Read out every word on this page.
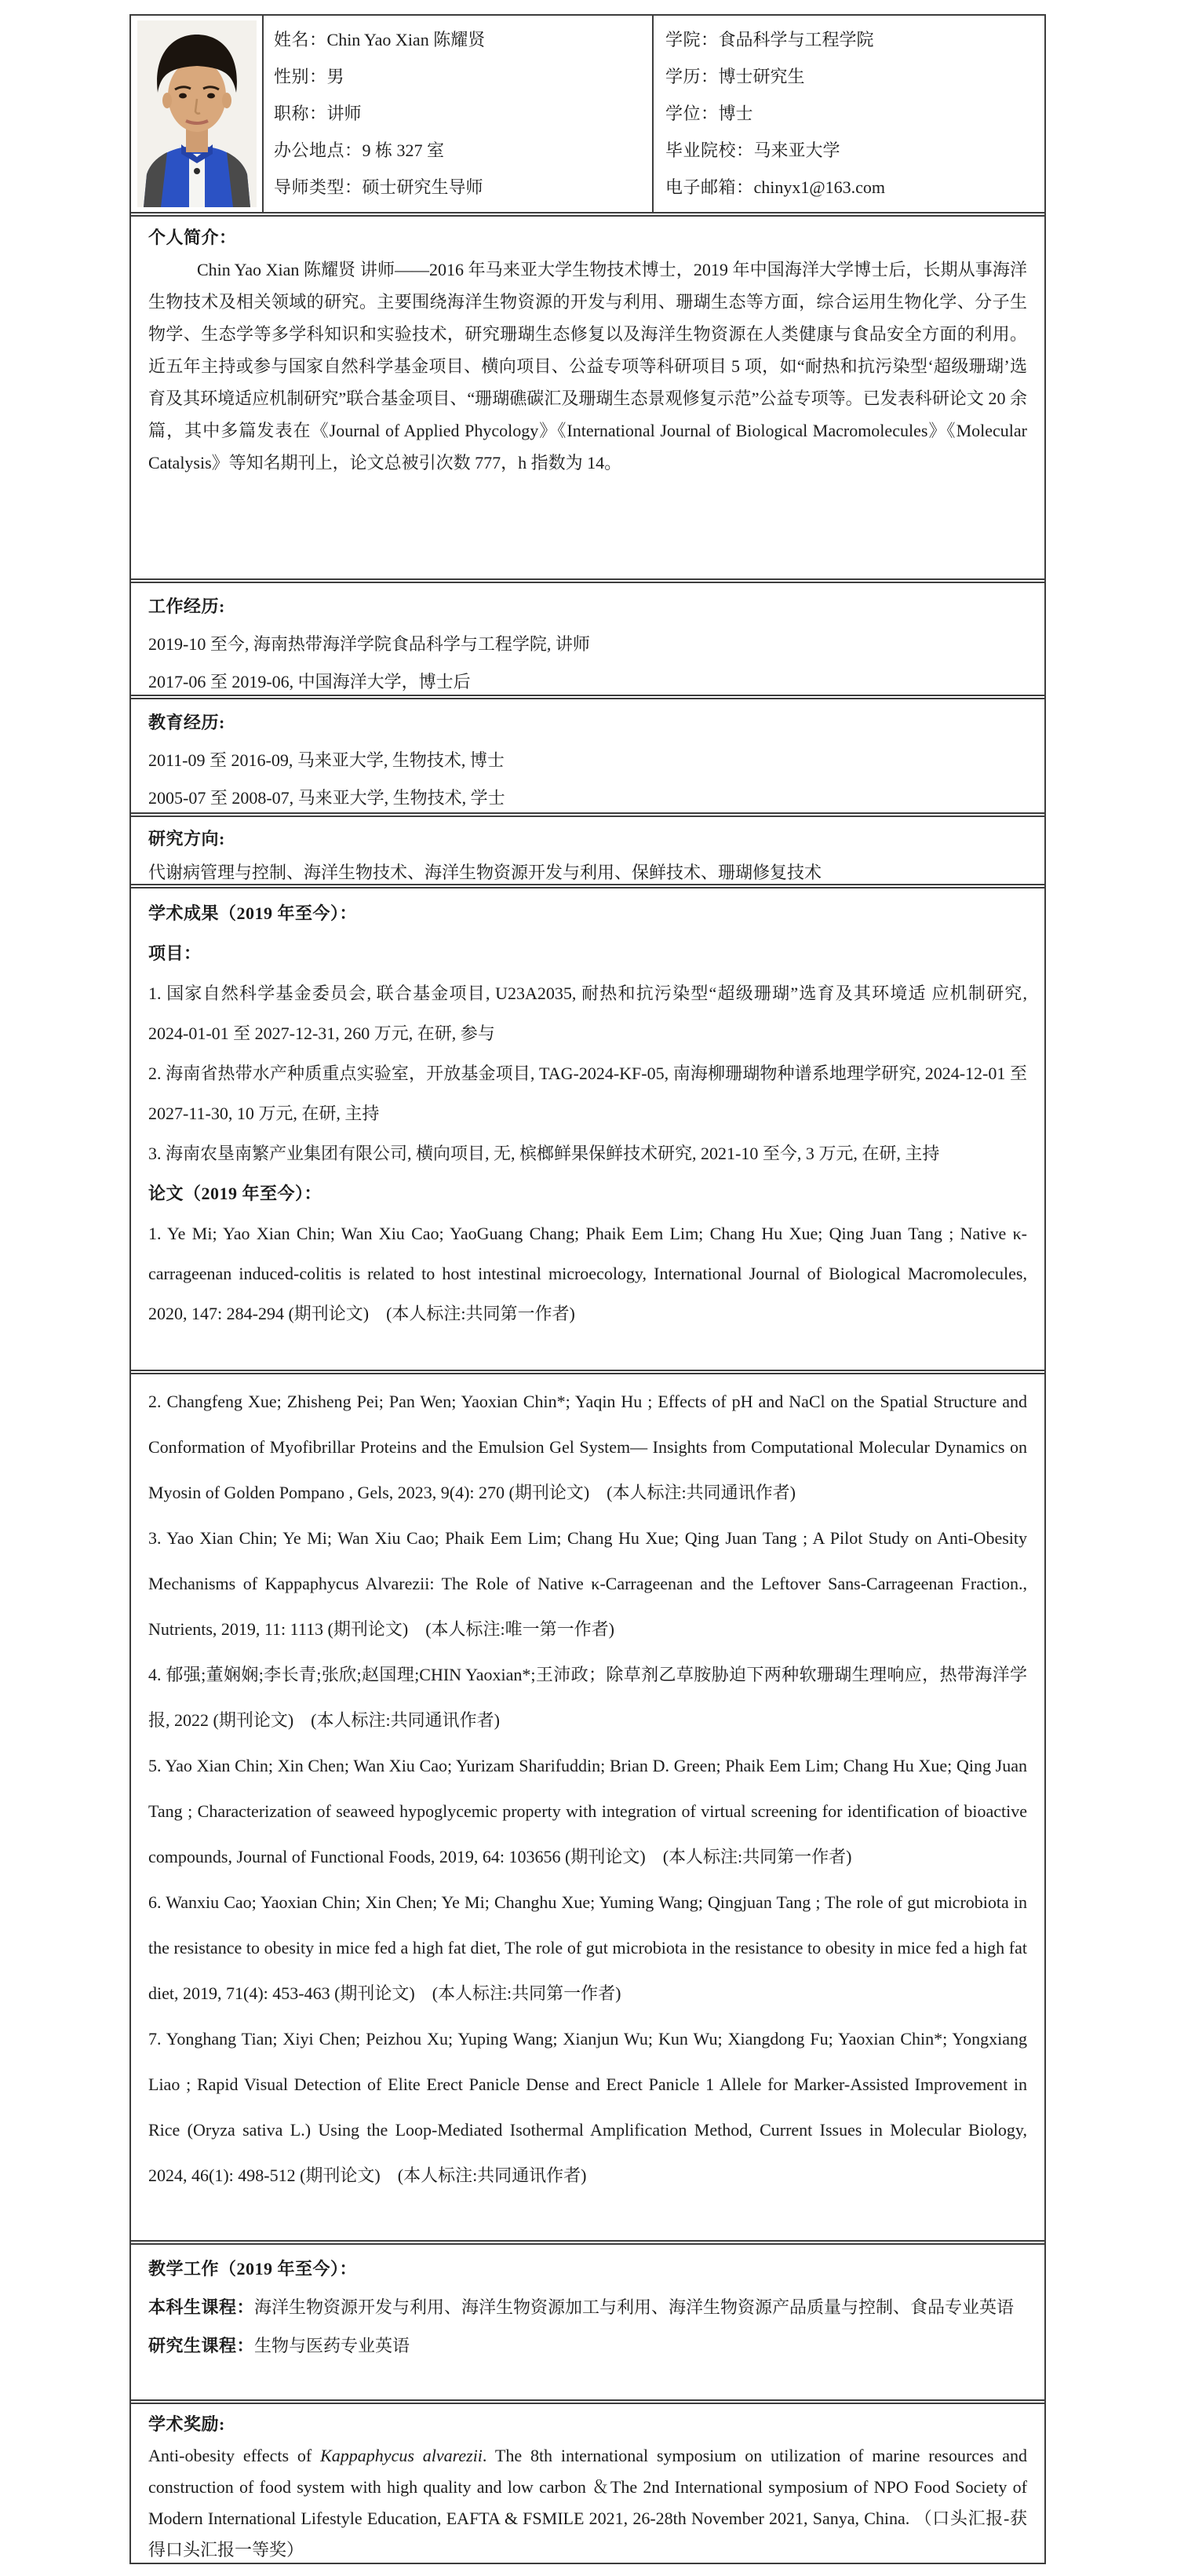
姓名：Chin Yao Xian 陈耀贤
性别：男
职称：讲师
办公地点：9 栋 327 室
导师类型：硕士研究生导师
学院：食品科学与工程学院
学历：博士研究生
学位：博士
毕业院校：马来亚大学
电子邮箱：chinyx1@163.com
个人简介：
Chin Yao Xian 陈耀贤 讲师——2016 年马来亚大学生物技术博士，2019 年中国海洋大学博士后，长期从事海洋生物技术及相关领域的研究。主要围绕海洋生物资源的开发与利用、珊瑚生态等方面，综合运用生物化学、分子生物学、生态学等多学科知识和实验技术，研究珊瑚生态修复以及海洋生物资源在人类健康与食品安全方面的利用。近五年主持或参与国家自然科学基金项目、横向项目、公益专项等科研项目 5 项，如“耐热和抗污染型‘超级珊瑚’选育及其环境适应机制研究”联合基金项目、“珊瑚礁碳汇及珊瑚生态景观修复示范”公益专项等。已发表科研论文 20 余篇，其中多篇发表在《Journal of Applied Phycology》《International Journal of Biological Macromolecules》《Molecular Catalysis》等知名期刊上，论文总被引次数 777，h 指数为 14。
工作经历:
2019-10 至今, 海南热带海洋学院食品科学与工程学院, 讲师
2017-06 至 2019-06, 中国海洋大学，博士后
教育经历:
2011-09 至 2016-09, 马来亚大学, 生物技术, 博士
2005-07 至 2008-07, 马来亚大学, 生物技术, 学士
研究方向:
代谢病管理与控制、海洋生物技术、海洋生物资源开发与利用、保鲜技术、珊瑚修复技术
学术成果（2019 年至今）：
项目：
1. 国家自然科学基金委员会, 联合基金项目, U23A2035, 耐热和抗污染型“超级珊瑚”选育及其环境适 应机制研究, 2024-01-01 至 2027-12-31, 260 万元, 在研, 参与
2. 海南省热带水产种质重点实验室，开放基金项目, TAG-2024-KF-05, 南海柳珊瑚物种谱系地理学研究, 2024-12-01 至 2027-11-30, 10 万元, 在研, 主持
3. 海南农垦南繁产业集团有限公司, 横向项目, 无, 槟榔鲜果保鲜技术研究, 2021-10 至今, 3 万元, 在研, 主持
论文（2019 年至今）：
1. Ye Mi; Yao Xian Chin; Wan Xiu Cao; YaoGuang Chang; Phaik Eem Lim; Chang Hu Xue; Qing Juan Tang ; Native κ-carrageenan induced-colitis is related to host intestinal microecology, International Journal of Biological Macromolecules, 2020, 147: 284-294 (期刊论文)　(本人标注:共同第一作者)
2. Changfeng Xue; Zhisheng Pei; Pan Wen; Yaoxian Chin*; Yaqin Hu ; Effects of pH and NaCl on the Spatial Structure and Conformation of Myofibrillar Proteins and the Emulsion Gel System— Insights from Computational Molecular Dynamics on Myosin of Golden Pompano , Gels, 2023, 9(4): 270 (期刊论文)　(本人标注:共同通讯作者)
3. Yao Xian Chin; Ye Mi; Wan Xiu Cao; Phaik Eem Lim; Chang Hu Xue; Qing Juan Tang ; A Pilot Study on Anti-Obesity Mechanisms of Kappaphycus Alvarezii: The Role of Native κ-Carrageenan and the Leftover Sans-Carrageenan Fraction., Nutrients, 2019, 11: 1113 (期刊论文)　(本人标注:唯一第一作者)
4. 郁强;董娴娴;李长青;张欣;赵国理;CHIN Yaoxian*;王沛政；除草剂乙草胺胁迫下两种软珊瑚生理响应，热带海洋学报, 2022 (期刊论文)　(本人标注:共同通讯作者)
5. Yao Xian Chin; Xin Chen; Wan Xiu Cao; Yurizam Sharifuddin; Brian D. Green; Phaik Eem Lim; Chang Hu Xue; Qing Juan Tang ; Characterization of seaweed hypoglycemic property with integration of virtual screening for identification of bioactive compounds, Journal of Functional Foods, 2019, 64: 103656 (期刊论文)　(本人标注:共同第一作者)
6. Wanxiu Cao; Yaoxian Chin; Xin Chen; Ye Mi; Changhu Xue; Yuming Wang; Qingjuan Tang ; The role of gut microbiota in the resistance to obesity in mice fed a high fat diet, The role of gut microbiota in the resistance to obesity in mice fed a high fat diet, 2019, 71(4): 453-463 (期刊论文)　(本人标注:共同第一作者)
7. Yonghang Tian; Xiyi Chen; Peizhou Xu; Yuping Wang; Xianjun Wu; Kun Wu; Xiangdong Fu; Yaoxian Chin*; Yongxiang Liao ; Rapid Visual Detection of Elite Erect Panicle Dense and Erect Panicle 1 Allele for Marker-Assisted Improvement in Rice (Oryza sativa L.) Using the Loop-Mediated Isothermal Amplification Method, Current Issues in Molecular Biology, 2024, 46(1): 498-512 (期刊论文)　(本人标注:共同通讯作者)
教学工作（2019 年至今）：
本科生课程：海洋生物资源开发与利用、海洋生物资源加工与利用、海洋生物资源产品质量与控制、食品专业英语
研究生课程：生物与医药专业英语
学术奖励:
Anti-obesity effects of Kappaphycus alvarezii. The 8th international symposium on utilization of marine resources and construction of food system with high quality and low carbon ＆The 2nd International symposium of NPO Food Society of Modern International Lifestyle Education, EAFTA & FSMILE 2021, 26-28th November 2021, Sanya, China. （口头汇报-获得口头汇报一等奖）
